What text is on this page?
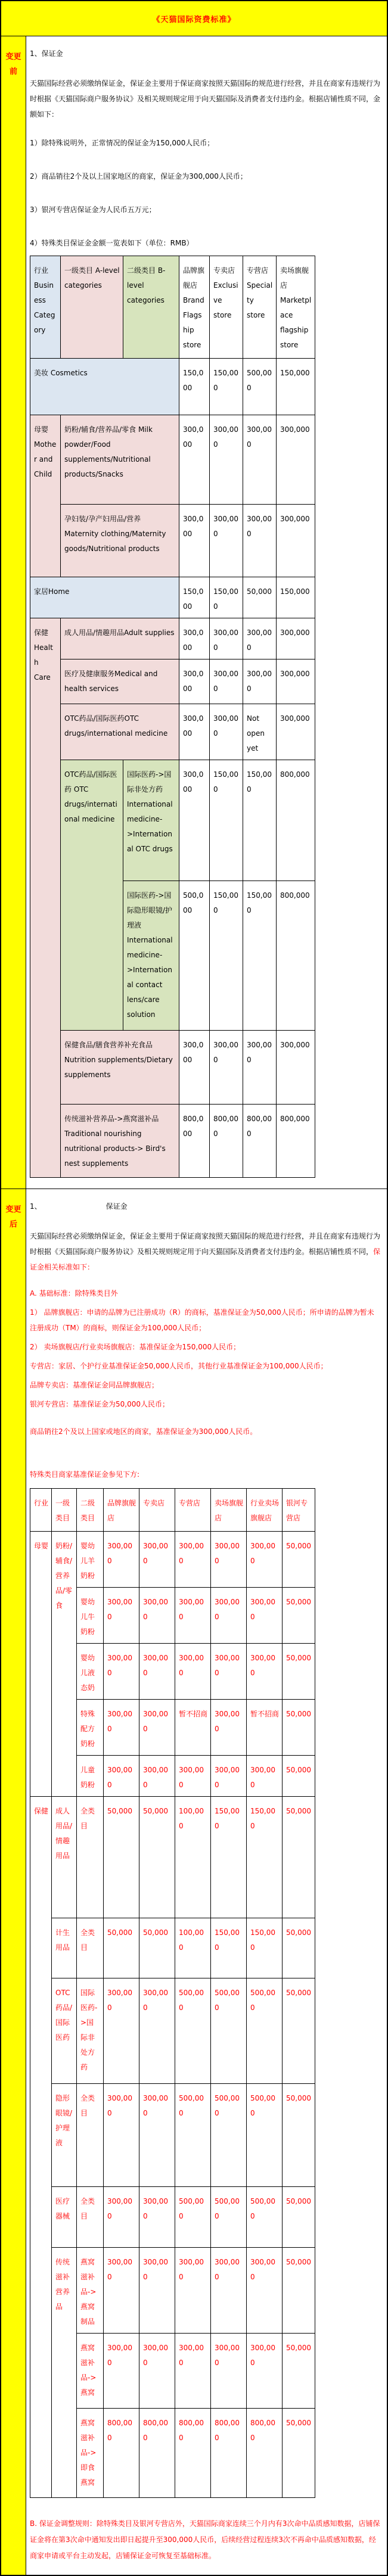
《天猫国际资费标准》
变更前
1、保证金
天猫国际经营必须缴纳保证金，保证金主要用于保证商家按照天猫国际的规范进行经营，并且在商家有违规行为时根据《天猫国际商户服务协议》及相关规则规定用于向天猫国际及消费者支付违约金。根据店铺性质不同，金额如下：
1）除特殊说明外，正常情况的保证金为150,000人民币；
2）商品销往2个及以上国家地区的商家，保证金为300,000人民币；
3）银河专营店保证金为人民币五万元；
4）特殊类目保证金金额一览表如下（单位：RMB）
行业 Business Category	一级类目 A-level categories	二级类目 B-level categories	品牌旗舰店 Brand Flagship store	专卖店 Exclusive store	专营店 Specialty store	卖场旗舰店 Marketplace flagship store
美妆 Cosmetics			150,000	150,000	500,000	150,000
母婴 Mother and Child	奶粉/辅食/营养品/零食 Milk powder/Food supplements/Nutritional products/Snacks		300,000	300,000	300,000	300,000
	孕妇装/孕产妇用品/营养 Maternity clothing/Maternity goods/Nutritional products		300,000	300,000	300,000	300,000
家居Home			150,000	150,000	50,000	150,000
保健 Health Care	成人用品/情趣用品Adult supplies		300,000	300,000	300,000	300,000
	医疗及健康服务Medical and health services		300,000	300,000	300,000	300,000
	OTC药品/国际医药OTC drugs/international medicine		300,000	300,000	Not open yet	300,000
	OTC药品/国际医药 OTC drugs/international medicine	国际医药->国际非处方药 International medicine->International OTC drugs	300,000	150,000	150,000	800,000
		国际医药->国际隐形眼镜/护理液 International medicine->International contact lens/care solution	500,000	150,000	150,000	800,000
	保健食品/膳食营养补充食品 Nutrition supplements/Dietary supplements		300,000	300,000	300,000	300,000
	传统滋补营养品->燕窝滋补品 Traditional nourishing nutritional products-> Bird's nest supplements		800,000	800,000	800,000	800,000
变更后
1、	保证金
天猫国际经营必须缴纳保证金，保证金主要用于保证商家按照天猫国际的规范进行经营，并且在商家有违规行为时根据《天猫国际商户服务协议》及相关规则规定用于向天猫国际及消费者支付违约金。根据店铺性质不同，保证金相关标准如下：
A. 基础标准：除特殊类目外
1） 品牌旗舰店：申请的品牌为已注册成功（R）的商标，基准保证金为50,000人民币；所申请的品牌为暂未注册成功（TM）的商标，则保证金为100,000人民币；
2） 卖场旗舰店/行业卖场旗舰店：基准保证金为150,000人民币；
专营店：家居、个护行业基准保证金50,000人民币，其他行业基准保证金为100,000人民币；
品牌专卖店：基准保证金同品牌旗舰店；
银河专营店：基准保证金为50,000人民币；
商品销往2个及以上国家或地区的商家，基准保证金为300,000人民币。
特殊类目商家基准保证金参见下方:
行业	一级类目	二级类目	品牌旗舰店	专卖店	专营店	卖场旗舰店	行业卖场旗舰店	银河专营店
母婴	奶粉/辅食/营养品/零食	婴幼儿羊奶粉	300,000	300,000	300,000	300,000	300,000	50,000
		婴幼儿牛奶粉	300,000	300,000	300,000	300,000	300,000	50,000
		婴幼儿液态奶	300,000	300,000	300,000	300,000	300,000	50,000
		特殊配方奶粉	300,000	300,000	暂不招商	300,000	暂不招商	50,000
		儿童奶粉	300,000	300,000	300,000	300,000	300,000	50,000
保健	成人用品/情趣用品	全类目	50,000	50,000	100,000	150,000	150,000	50,000
	计生用品	全类目	50,000	50,000	100,000	150,000	150,000	50,000
	OTC药品/国际医药	国际医药->国际非处方药	300,000	300,000	500,000	500,000	500,000	50,000
	隐形眼镜/护理液	全类目	300,000	300,000	500,000	500,000	500,000	50,000
	医疗器械	全类目	300,000	300,000	500,000	500,000	500,000	50,000
	传统滋补营养品	燕窝滋补品->燕窝制品	300,000	300,000	300,000	300,000	300,000	50,000
		燕窝滋补品->燕窝	300,000	300,000	300,000	300,000	300,000	50,000
		燕窝滋补品->即食燕窝	800,000	800,000	800,000	800,000	800,000	50,000
B. 保证金调整规则：除特殊类目及银河专营店外，天猫国际商家连续三个月内有3次命中品质感知数据，店铺保证金将在第3次命中通知发出即日起提升至300,000人民币，后续经营过程连续3次不再命中品质感知数据，经商家申请或平台主动发起，店铺保证金可恢复至基础标准。
